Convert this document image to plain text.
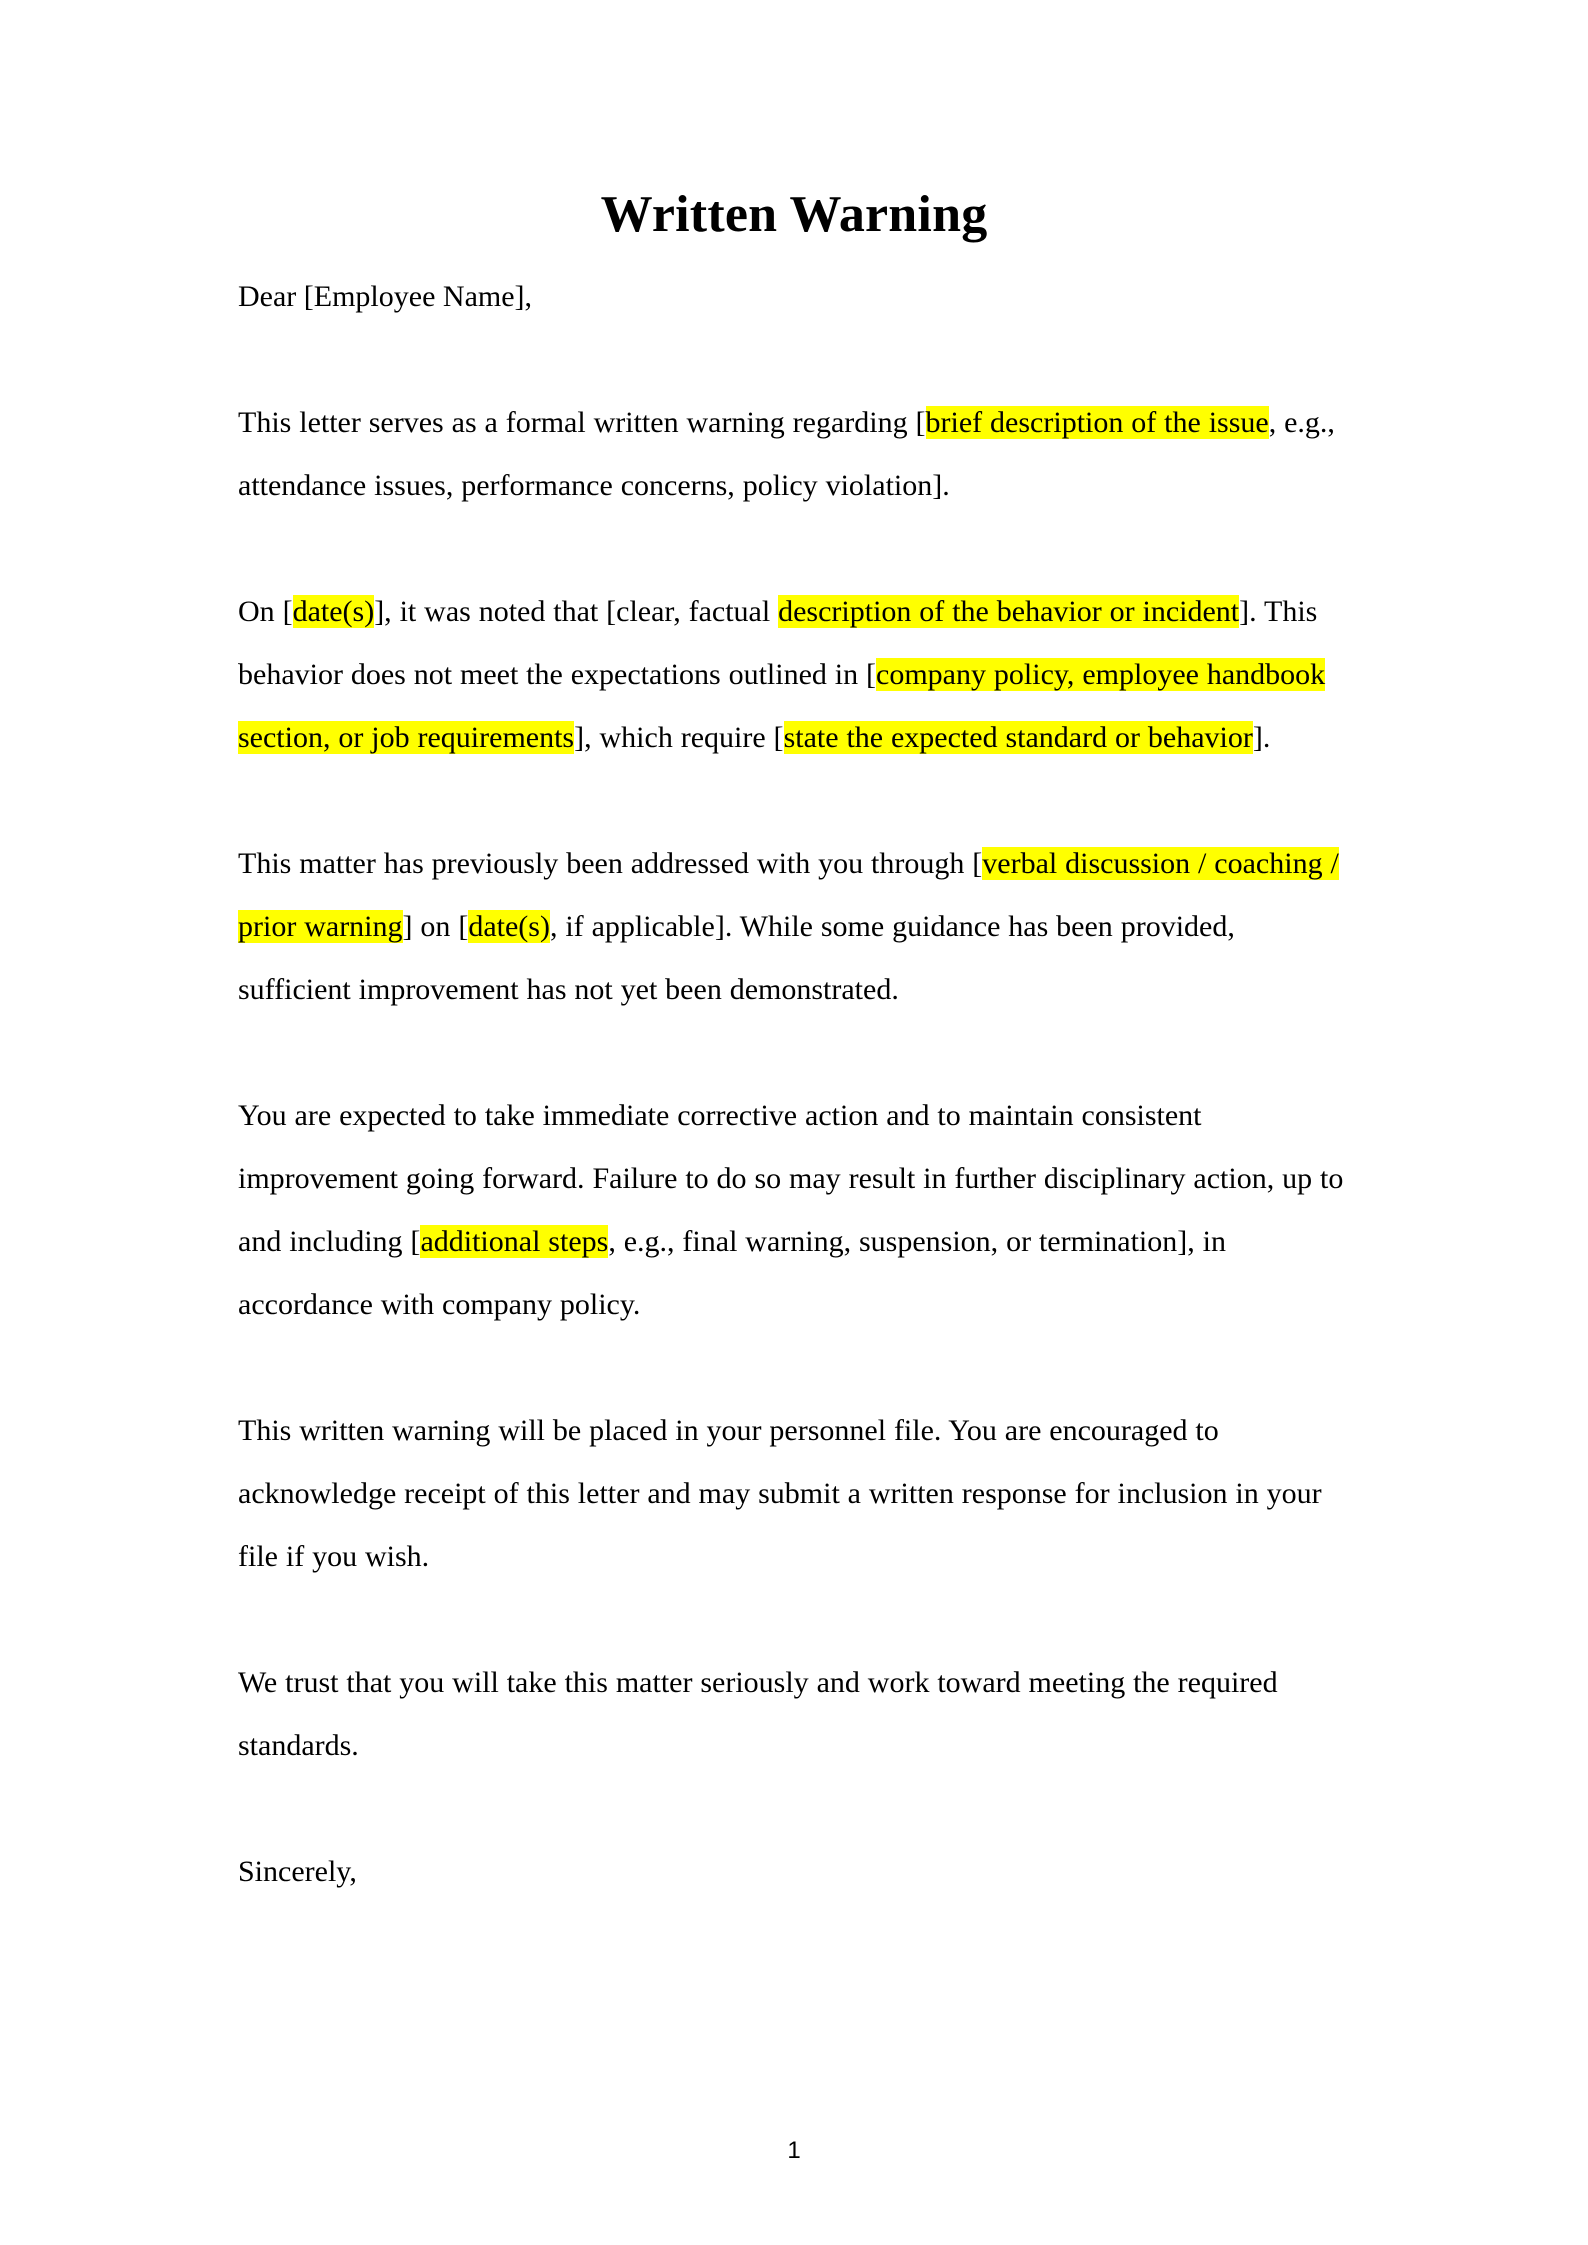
Written Warning

Dear [Employee Name],

This letter serves as a formal written warning regarding [brief description of the issue, e.g., attendance issues, performance concerns, policy violation].

On [date(s)], it was noted that [clear, factual description of the behavior or incident]. This behavior does not meet the expectations outlined in [company policy, employee handbook section, or job requirements], which require [state the expected standard or behavior].

This matter has previously been addressed with you through [verbal discussion / coaching / prior warning] on [date(s), if applicable]. While some guidance has been provided, sufficient improvement has not yet been demonstrated.

You are expected to take immediate corrective action and to maintain consistent improvement going forward. Failure to do so may result in further disciplinary action, up to and including [additional steps, e.g., final warning, suspension, or termination], in accordance with company policy.

This written warning will be placed in your personnel file. You are encouraged to acknowledge receipt of this letter and may submit a written response for inclusion in your file if you wish.

We trust that you will take this matter seriously and work toward meeting the required standards.

Sincerely,

1
